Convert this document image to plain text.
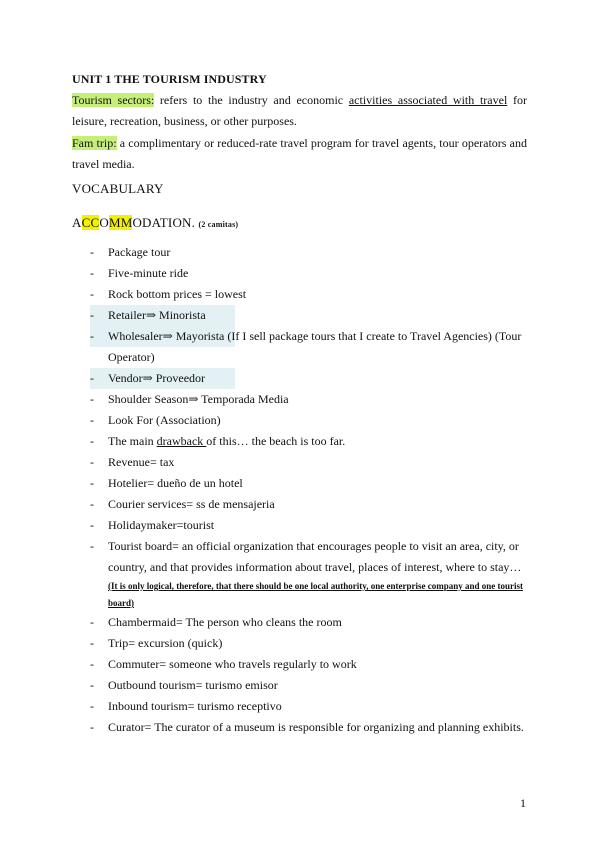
UNIT 1 THE TOURISM INDUSTRY
Tourism sectors: refers to the industry and economic activities associated with travel for leisure, recreation, business, or other purposes.
Fam trip: a complimentary or reduced-rate travel program for travel agents, tour operators and travel media.
VOCABULARY
ACCOMMODATION. (2 camitas)
- Package tour
- Five-minute ride
- Rock bottom prices = lowest
- Retailer⇒ Minorista
- Wholesaler⇒ Mayorista (If I sell package tours that I create to Travel Agencies) (Tour Operator)
- Vendor⇒ Proveedor
- Shoulder Season⇒ Temporada Media
- Look For (Association)
- The main drawback of this… the beach is too far.
- Revenue= tax
- Hotelier= dueño de un hotel
- Courier services= ss de mensajeria
- Holidaymaker=tourist
- Tourist board= an official organization that encourages people to visit an area, city, or country, and that provides information about travel, places of interest, where to stay…
(It is only logical, therefore, that there should be one local authority, one enterprise company and one tourist board)
- Chambermaid= The person who cleans the room
- Trip= excursion (quick)
- Commuter= someone who travels regularly to work
- Outbound tourism= turismo emisor
- Inbound tourism= turismo receptivo
- Curator= The curator of a museum is responsible for organizing and planning exhibits.
1
